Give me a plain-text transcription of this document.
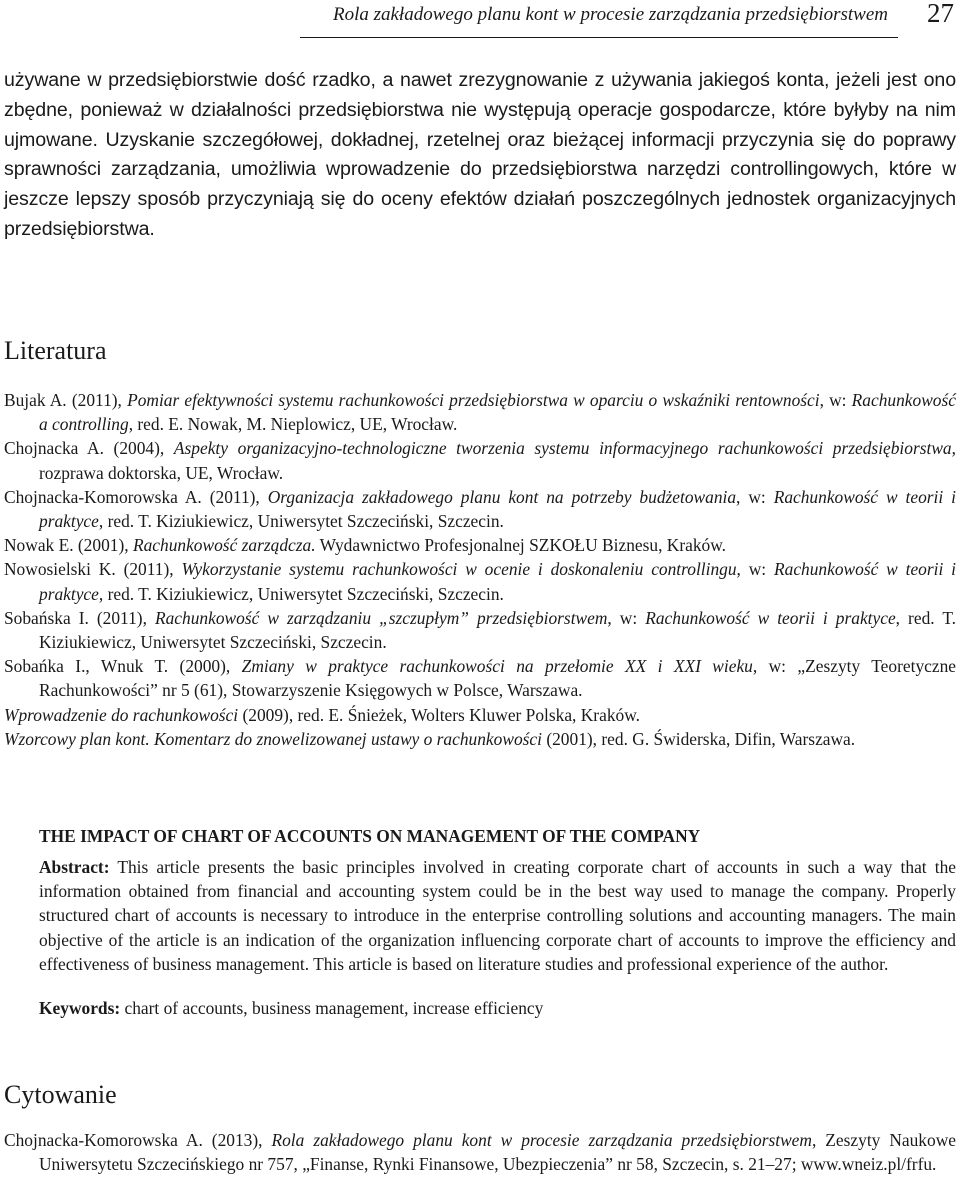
Rola zakładowego planu kont w procesie zarządzania przedsiębiorstwem 27

używane w przedsiębiorstwie dość rzadko, a nawet zrezygnowanie z używania jakiegoś konta, jeżeli jest ono zbędne, ponieważ w działalności przedsiębiorstwa nie występują operacje gospodarcze, które byłyby na nim ujmowane. Uzyskanie szczegółowej, dokładnej, rzetelnej oraz bieżącej informacji przyczynia się do poprawy sprawności zarządzania, umożliwia wprowadzenie do przedsiębiorstwa narzędzi controllingowych, które w jeszcze lepszy sposób przyczyniają się do oceny efektów działań poszczególnych jednostek organizacyjnych przedsiębiorstwa.

Literatura
Bujak A. (2011), Pomiar efektywności systemu rachunkowości przedsiębiorstwa w oparciu o wskaźniki rentowności, w: Rachunkowość a controlling, red. E. Nowak, M. Nieplowicz, UE, Wrocław.
Chojnacka A. (2004), Aspekty organizacyjno-technologiczne tworzenia systemu informacyjnego rachunkowości przedsiębiorstwa, rozprawa doktorska, UE, Wrocław.
Chojnacka-Komorowska A. (2011), Organizacja zakładowego planu kont na potrzeby budżetowania, w: Rachunkowość w teorii i praktyce, red. T. Kiziukiewicz, Uniwersytet Szczeciński, Szczecin.
Nowak E. (2001), Rachunkowość zarządcza. Wydawnictwo Profesjonalnej SZKOŁU Biznesu, Kraków.
Nowosielski K. (2011), Wykorzystanie systemu rachunkowości w ocenie i doskonaleniu controllingu, w: Rachunkowość w teorii i praktyce, red. T. Kiziukiewicz, Uniwersytet Szczeciński, Szczecin.
Sobańska I. (2011), Rachunkowość w zarządzaniu „szczupłym” przedsiębiorstwem, w: Rachunkowość w teorii i praktyce, red. T. Kiziukiewicz, Uniwersytet Szczeciński, Szczecin.
Sobańka I., Wnuk T. (2000), Zmiany w praktyce rachunkowości na przełomie XX i XXI wieku, w: „Zeszyty Teoretyczne Rachunkowości” nr 5 (61), Stowarzyszenie Księgowych w Polsce, Warszawa.
Wprowadzenie do rachunkowości (2009), red. E. Śnieżek, Wolters Kluwer Polska, Kraków.
Wzorcowy plan kont. Komentarz do znowelizowanej ustawy o rachunkowości (2001), red. G. Świderska, Difin, Warszawa.
THE IMPACT OF CHART OF ACCOUNTS ON MANAGEMENT OF THE COMPANY

Abstract: This article presents the basic principles involved in creating corporate chart of accounts in such a way that the information obtained from financial and accounting system could be in the best way used to manage the company. Properly structured chart of accounts is necessary to introduce in the enterprise controlling solutions and accounting managers. The main objective of the article is an indication of the organization influencing corporate chart of accounts to improve the efficiency and effectiveness of business management. This article is based on literature studies and professional experience of the author.

Keywords: chart of accounts, business management, increase efficiency

Cytowanie

Chojnacka-Komorowska A. (2013), Rola zakładowego planu kont w procesie zarządzania przedsiębiorstwem, Zeszyty Naukowe Uniwersytetu Szczecińskiego nr 757, „Finanse, Rynki Finansowe, Ubezpieczenia” nr 58, Szczecin, s. 21–27; www.wneiz.pl/frfu.
